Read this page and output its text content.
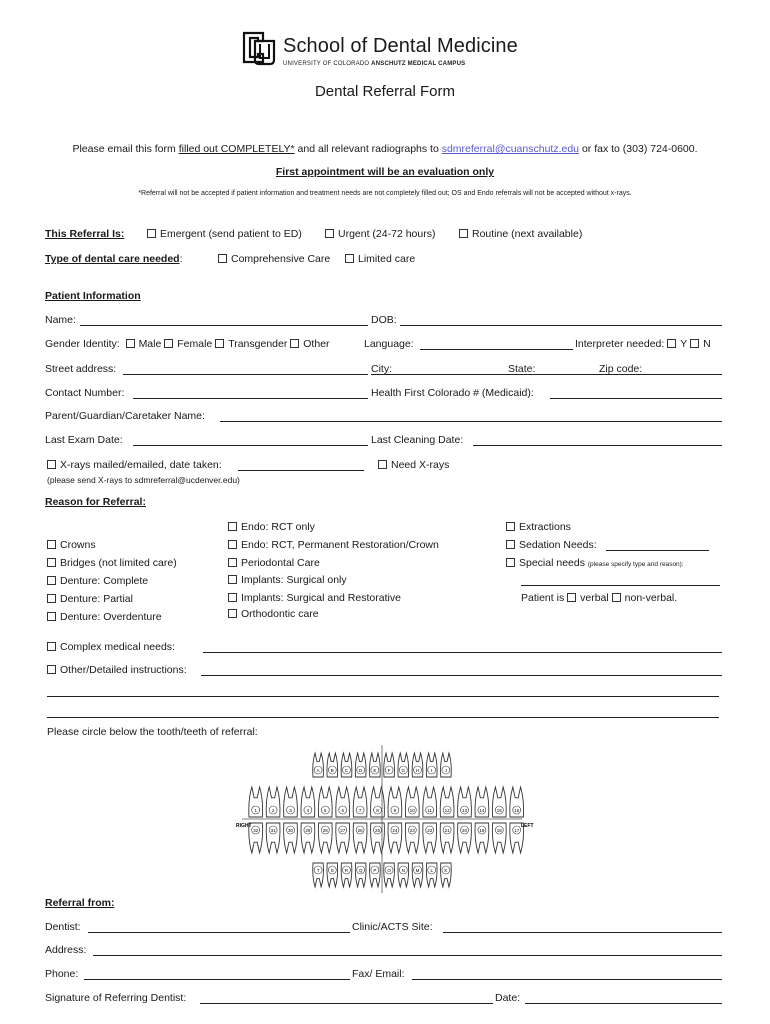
School of Dental Medicine
UNIVERSITY OF COLORADO ANSCHUTZ MEDICAL CAMPUS
Dental Referral Form
Please email this form filled out COMPLETELY* and all relevant radiographs to sdmreferral@cuanschutz.edu or fax to (303) 724-0600.
First appointment will be an evaluation only
*Referral will not be accepted if patient information and treatment needs are not completely filled out; OS and Endo referrals will not be accepted without x-rays.
This Referral Is:	Emergent (send patient to ED)	Urgent (24-72 hours)	Routine (next available)
Type of dental care needed:	Comprehensive Care	Limited care
Patient Information
Name:	DOB:
Gender Identity: Male Female Transgender Other	Language:	Interpreter needed: Y N
Street address:	City:	State:	Zip code:
Contact Number:	Health First Colorado # (Medicaid):
Parent/Guardian/Caretaker Name:
Last Exam Date:	Last Cleaning Date:
X-rays mailed/emailed, date taken:	Need X-rays
(please send X-rays to sdmreferral@ucdenver.edu)
Reason for Referral:
Crowns
Bridges (not limited care)
Denture: Complete
Denture: Partial
Denture: Overdenture
Endo: RCT only
Endo: RCT, Permanent Restoration/Crown
Periodontal Care
Implants: Surgical only
Implants: Surgical and Restorative
Orthodontic care
Extractions
Sedation Needs:
Special needs (please specify type and reason):
Patient is verbal non-verbal.
Complex medical needs:
Other/Detailed instructions:
Please circle below the tooth/teeth of referral:
A B C D E	F G H	I	J
1	2	3	4	5	6	7	8	9	10	11	12	13	14	15	16
32	31	30	29	28	27	26	25	24	23	22	21	20	19	18	17
T	S R Q P O N M L	K
RIGHT	LEFT
Referral from:
Dentist:	Clinic/ACTS Site:
Address:
Phone:	Fax/ Email:
Signature of Referring Dentist:	Date:
